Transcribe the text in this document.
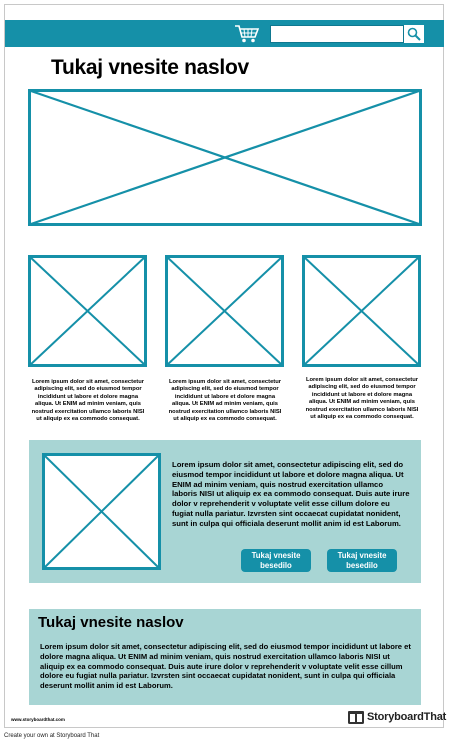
Tukaj vnesite naslov
Lorem ipsum dolor sit amet, consectetur adipiscing elit, sed do eiusmod tempor incididunt ut labore et dolore magna aliqua. Ut ENIM ad minim veniam, quis nostrud exercitation ullamco laboris NISI ut aliquip ex ea commodo consequat.
Lorem ipsum dolor sit amet, consectetur adipiscing elit, sed do eiusmod tempor incididunt ut labore et dolore magna aliqua. Ut ENIM ad minim veniam, quis nostrud exercitation ullamco laboris NISI ut aliquip ex ea commodo consequat.
Lorem ipsum dolor sit amet, consectetur adipiscing elit, sed do eiusmod tempor incididunt ut labore et dolore magna aliqua. Ut ENIM ad minim veniam, quis nostrud exercitation ullamco laboris NISI ut aliquip ex ea commodo consequat.
Lorem ipsum dolor sit amet, consectetur adipiscing elit, sed do eiusmod tempor incididunt ut labore et dolore magna aliqua. Ut ENIM ad minim veniam, quis nostrud exercitation ullamco laboris NISI ut aliquip ex ea commodo consequat. Duis aute irure dolor v reprehenderit v voluptate velit esse cillum dolore eu fugiat nulla pariatur. Izvrsten sint occaecat cupidatat nonident, sunt in culpa qui officiala deserunt mollit anim id est Laborum.
Tukaj vnesite besedilo
Tukaj vnesite besedilo
Tukaj vnesite naslov
Lorem ipsum dolor sit amet, consectetur adipiscing elit, sed do eiusmod tempor incididunt ut labore et dolore magna aliqua. Ut ENIM ad minim veniam, quis nostrud exercitation ullamco laboris NISI ut aliquip ex ea commodo consequat. Duis aute irure dolor v reprehenderit v voluptate velit esse cillum dolore eu fugiat nulla pariatur. Izvrsten sint occaecat cupidatat nonident, sunt in culpa qui officiala deserunt mollit anim id est Laborum.
www.storyboardthat.com	StoryboardThat
Create your own at Storyboard That
